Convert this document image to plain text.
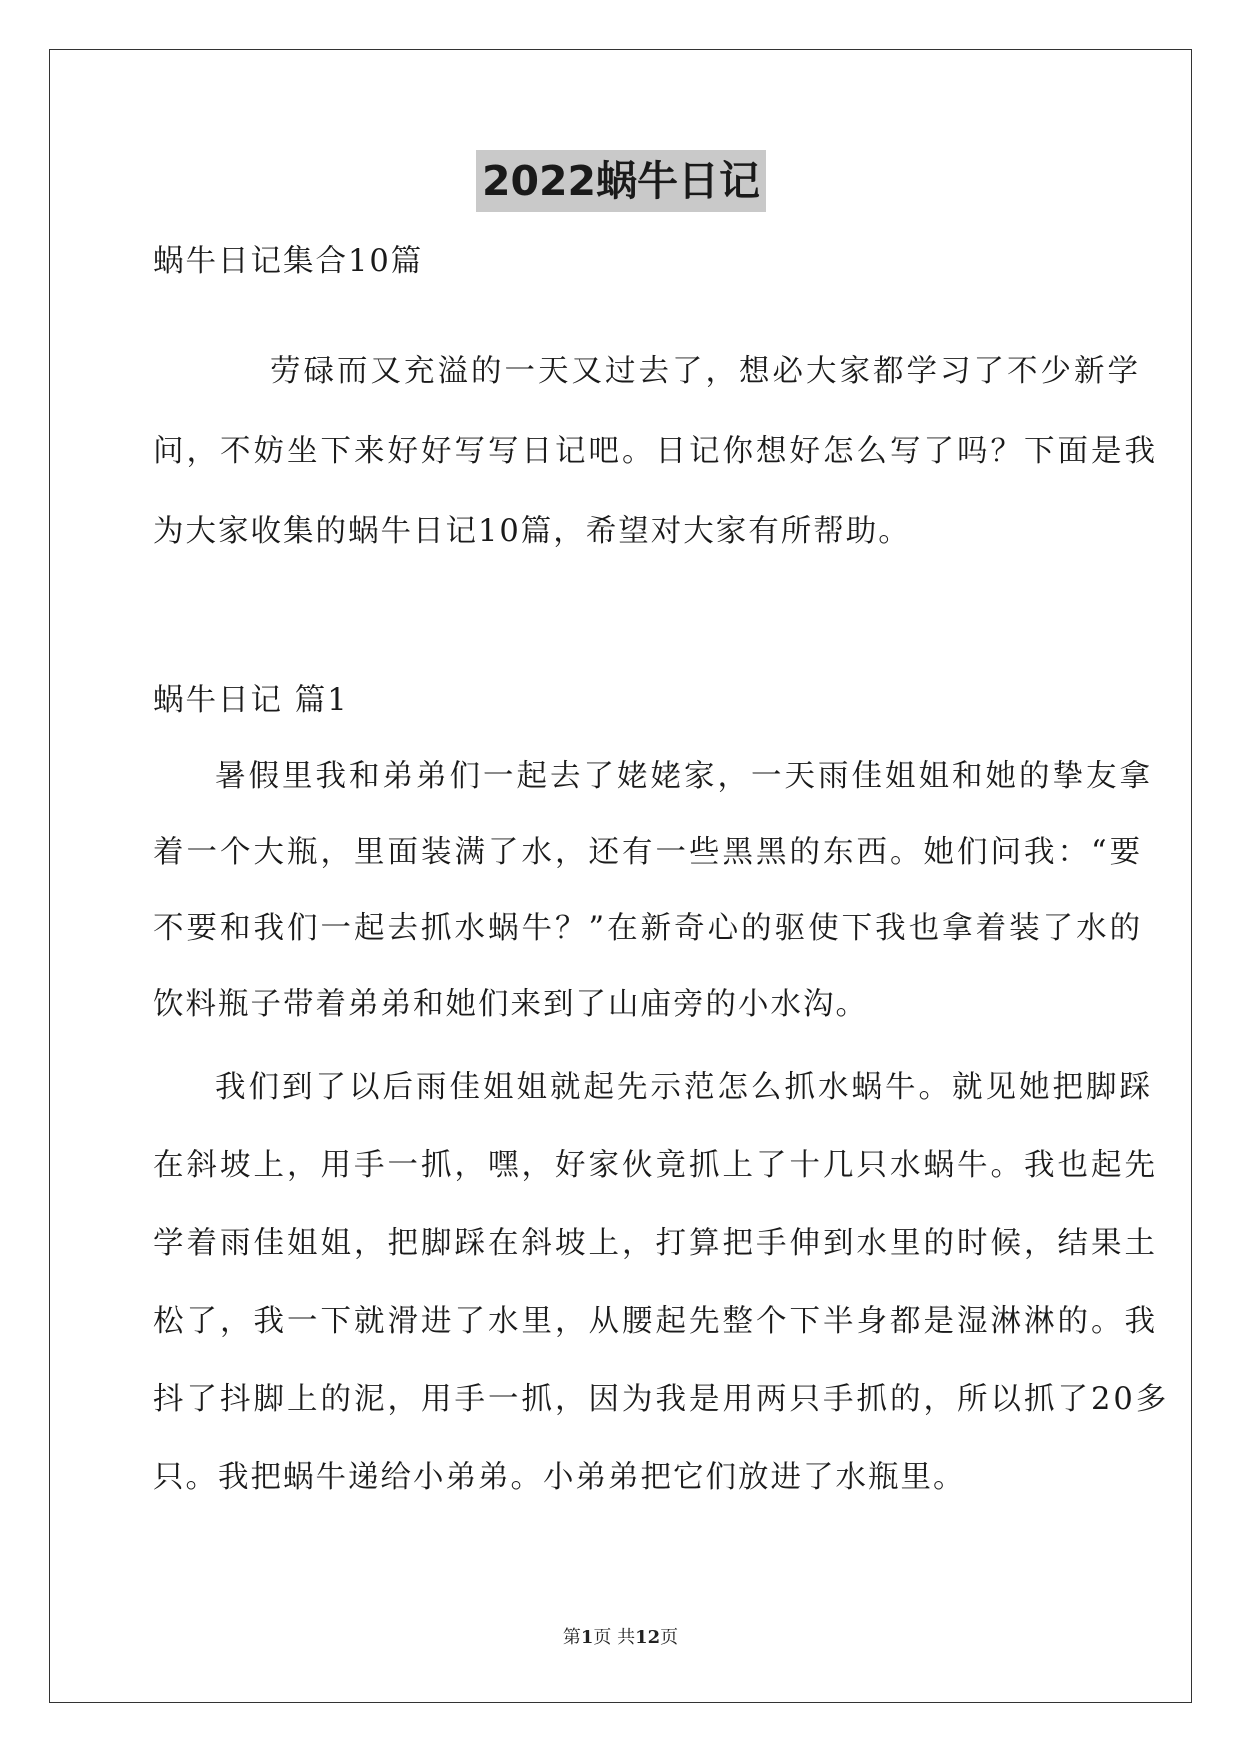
2022蜗牛日记
蜗牛日记集合10篇
劳碌而又充溢的一天又过去了，想必大家都学习了不少新学
问，不妨坐下来好好写写日记吧。日记你想好怎么写了吗？下面是我
为大家收集的蜗牛日记10篇，希望对大家有所帮助。
蜗牛日记 篇1
暑假里我和弟弟们一起去了姥姥家，一天雨佳姐姐和她的挚友拿
着一个大瓶，里面装满了水，还有一些黑黑的东西。她们问我：“要
不要和我们一起去抓水蜗牛？”在新奇心的驱使下我也拿着装了水的
饮料瓶子带着弟弟和她们来到了山庙旁的小水沟。
我们到了以后雨佳姐姐就起先示范怎么抓水蜗牛。就见她把脚踩
在斜坡上，用手一抓，嘿，好家伙竟抓上了十几只水蜗牛。我也起先
学着雨佳姐姐，把脚踩在斜坡上，打算把手伸到水里的时候，结果土
松了，我一下就滑进了水里，从腰起先整个下半身都是湿淋淋的。我
抖了抖脚上的泥，用手一抓，因为我是用两只手抓的，所以抓了20多
只。我把蜗牛递给小弟弟。小弟弟把它们放进了水瓶里。
第1页 共12页
